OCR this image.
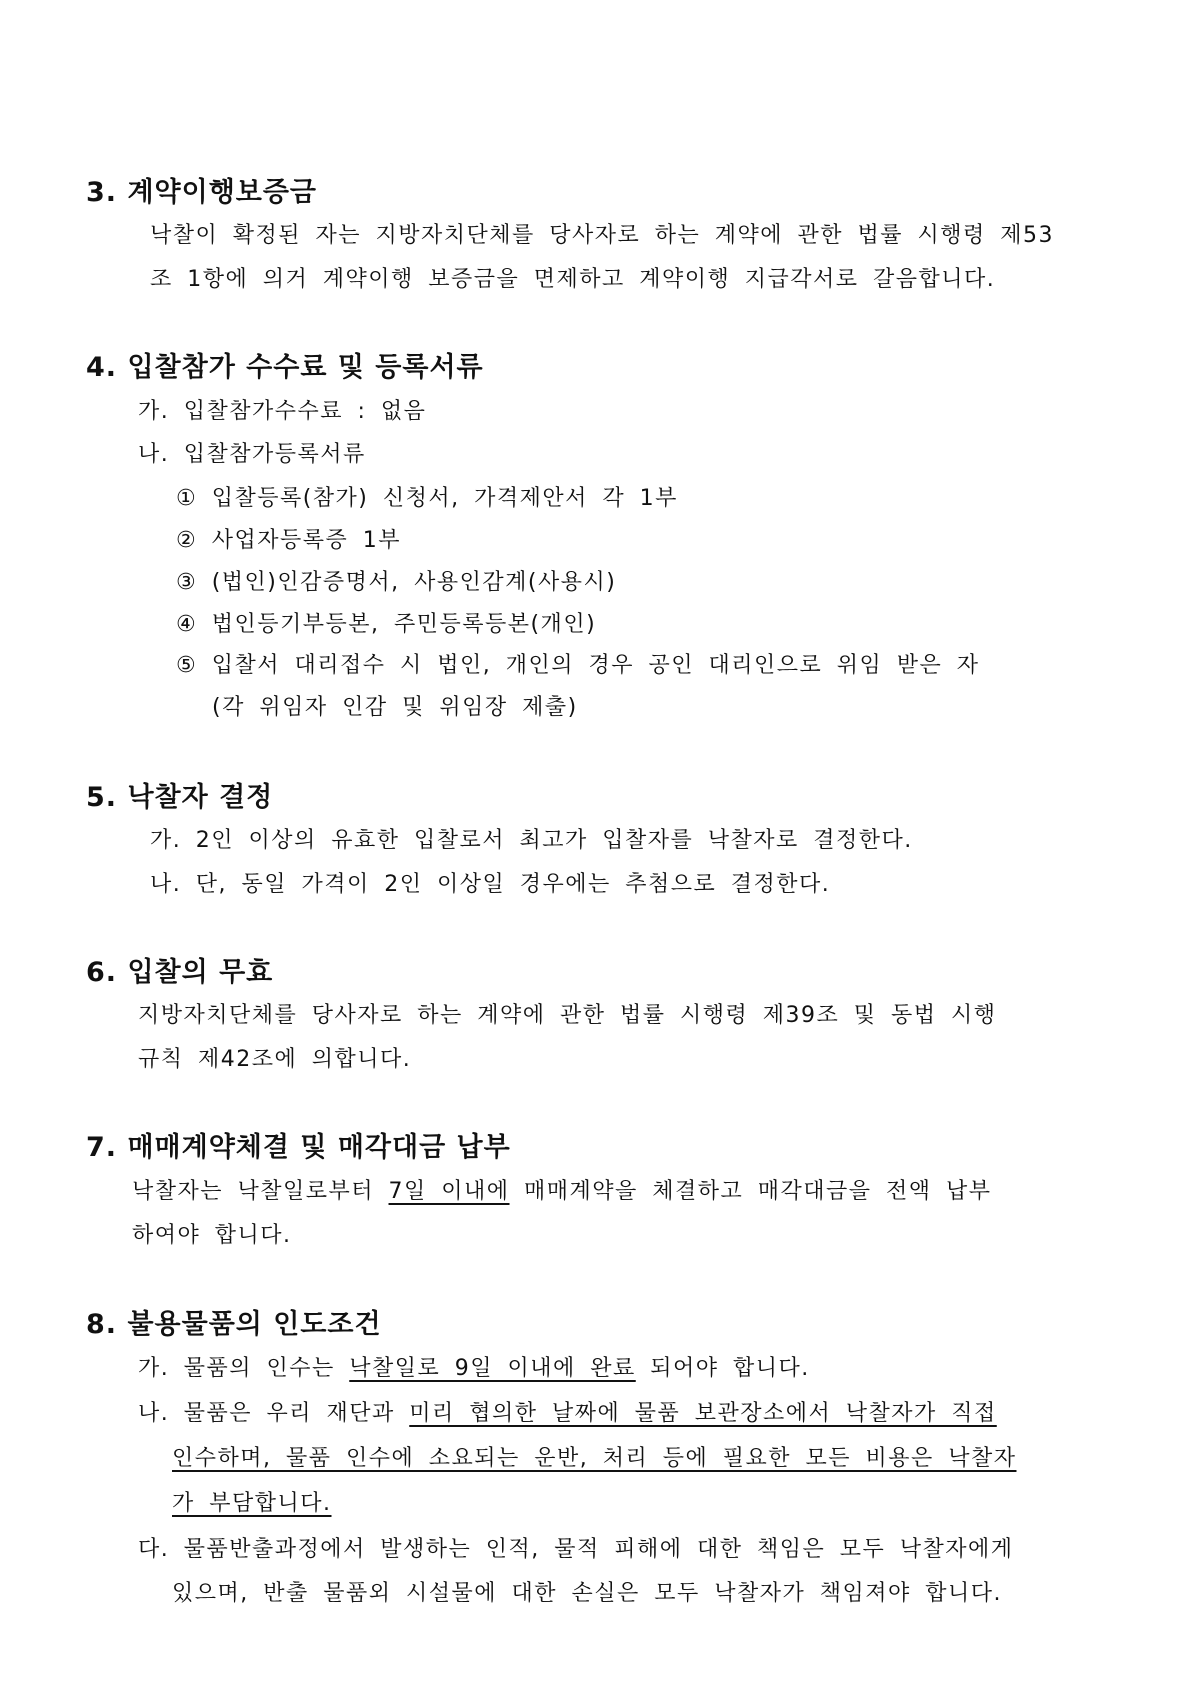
3. 계약이행보증금
낙찰이 확정된 자는 지방자치단체를 당사자로 하는 계약에 관한 법률 시행령 제53
조 1항에 의거 계약이행 보증금을 면제하고 계약이행 지급각서로 갈음합니다.
4. 입찰참가 수수료 및 등록서류
가. 입찰참가수수료 : 없음
나. 입찰참가등록서류
① 입찰등록(참가) 신청서, 가격제안서 각 1부
② 사업자등록증 1부
③ (법인)인감증명서, 사용인감계(사용시)
④ 법인등기부등본, 주민등록등본(개인)
⑤ 입찰서 대리접수 시 법인, 개인의 경우 공인 대리인으로 위임 받은 자
(각 위임자 인감 및 위임장 제출)
5. 낙찰자 결정
가. 2인 이상의 유효한 입찰로서 최고가 입찰자를 낙찰자로 결정한다.
나. 단, 동일 가격이 2인 이상일 경우에는 추첨으로 결정한다.
6. 입찰의 무효
지방자치단체를 당사자로 하는 계약에 관한 법률 시행령 제39조 및 동법 시행
규칙 제42조에 의합니다.
7. 매매계약체결 및 매각대금 납부
낙찰자는 낙찰일로부터 7일 이내에 매매계약을 체결하고 매각대금을 전액 납부
하여야 합니다.
8. 불용물품의 인도조건
가. 물품의 인수는 낙찰일로 9일 이내에 완료 되어야 합니다.
나. 물품은 우리 재단과 미리 협의한 날짜에 물품 보관장소에서 낙찰자가 직접
인수하며, 물품 인수에 소요되는 운반, 처리 등에 필요한 모든 비용은 낙찰자
가 부담합니다.
다. 물품반출과정에서 발생하는 인적, 물적 피해에 대한 책임은 모두 낙찰자에게
있으며, 반출 물품외 시설물에 대한 손실은 모두 낙찰자가 책임져야 합니다.
